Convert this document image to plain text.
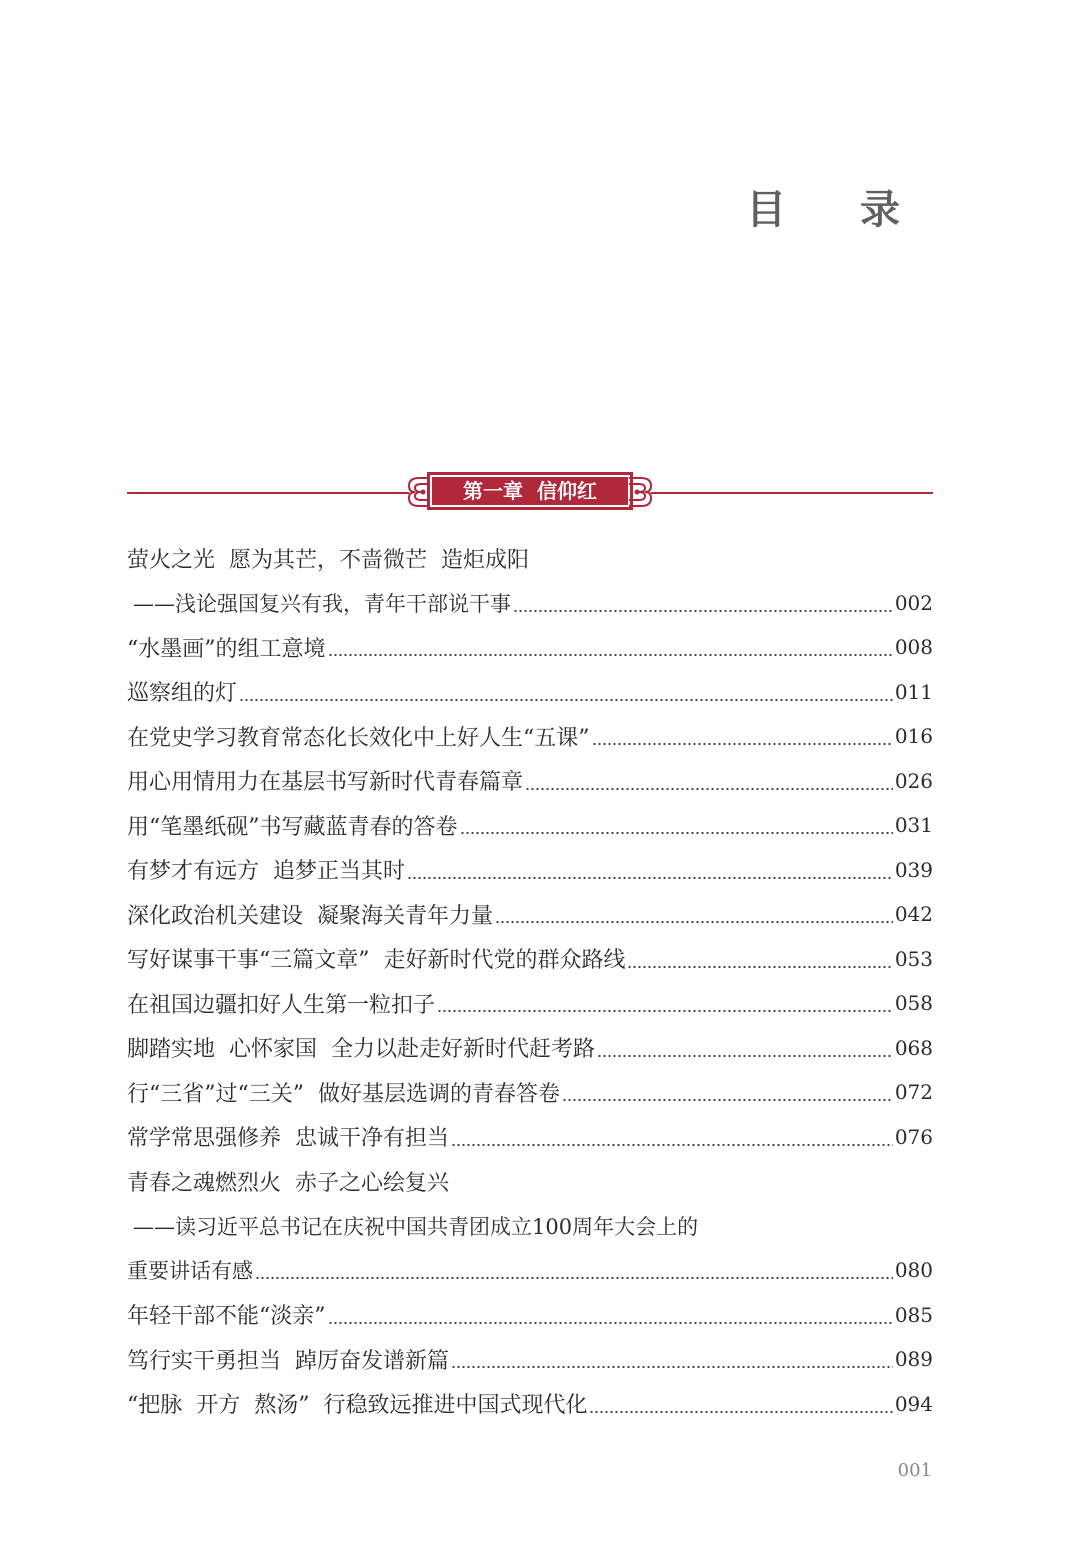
目 录
第一章  信仰红
萤火之光  愿为其芒，不啬微芒  造炬成阳
——浅论强国复兴有我，青年干部说干事	002
“水墨画”的组工意境	008
巡察组的灯	011
在党史学习教育常态化长效化中上好人生“五课”	016
用心用情用力在基层书写新时代青春篇章	026
用“笔墨纸砚”书写藏蓝青春的答卷	031
有梦才有远方  追梦正当其时	039
深化政治机关建设  凝聚海关青年力量	042
写好谋事干事“三篇文章”  走好新时代党的群众路线	053
在祖国边疆扣好人生第一粒扣子	058
脚踏实地  心怀家国  全力以赴走好新时代赶考路	068
行“三省”过“三关”  做好基层选调的青春答卷	072
常学常思强修养  忠诚干净有担当	076
青春之魂燃烈火  赤子之心绘复兴
——读习近平总书记在庆祝中国共青团成立100周年大会上的
重要讲话有感	080
年轻干部不能“淡亲”	085
笃行实干勇担当  踔厉奋发谱新篇	089
“把脉  开方  熬汤”  行稳致远推进中国式现代化	094
001
